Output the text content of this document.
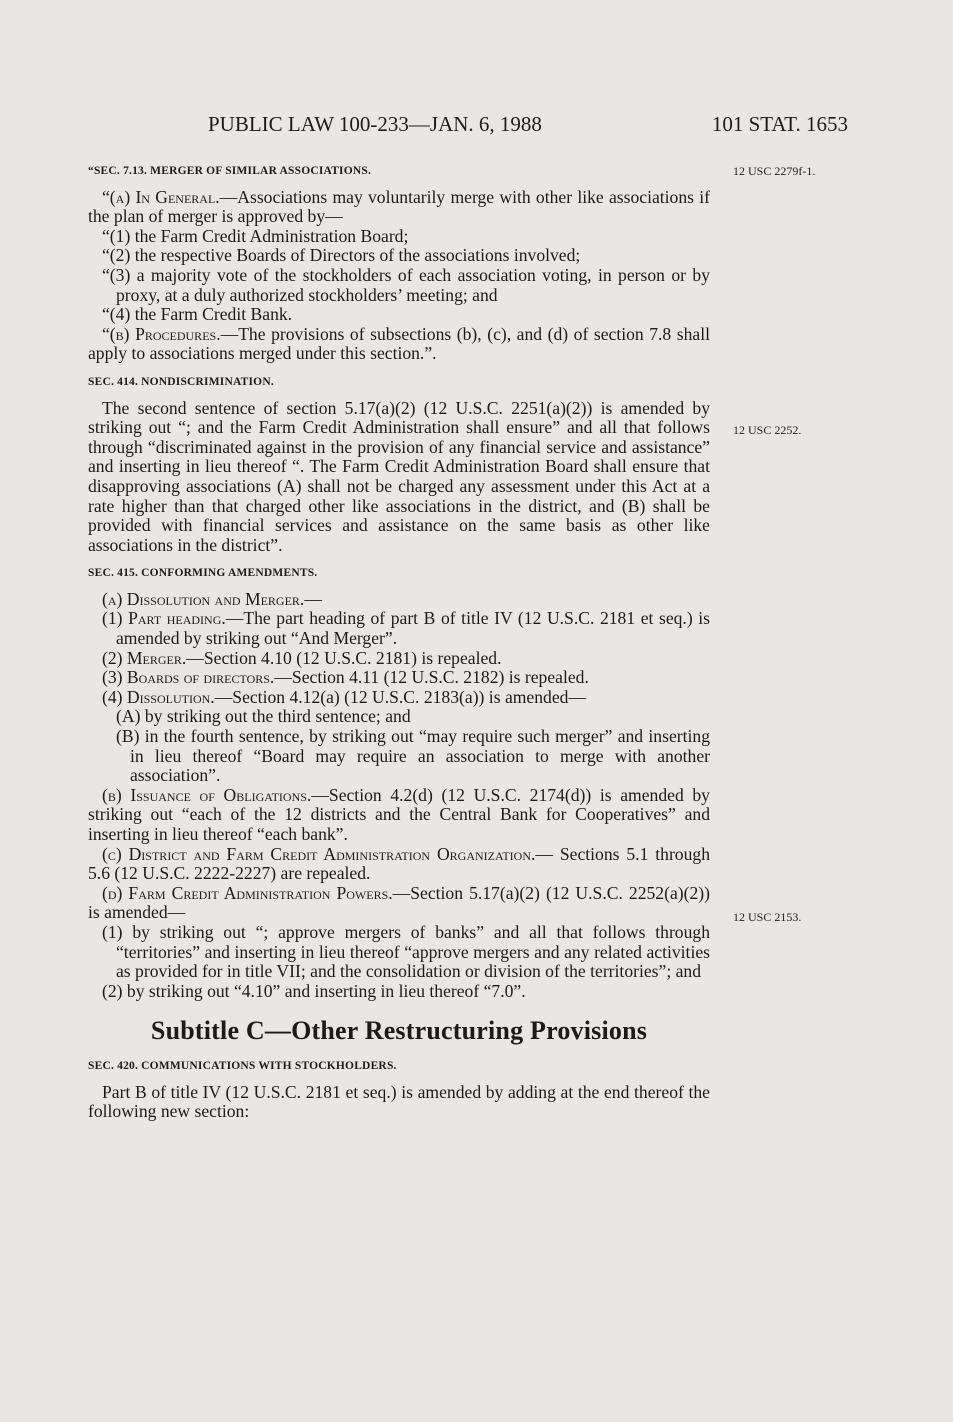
PUBLIC LAW 100-233—JAN. 6, 1988	101 STAT. 1653
12 USC 2279f-1.
12 USC 2252.
12 USC 2153.
“SEC. 7.13. MERGER OF SIMILAR ASSOCIATIONS.

“(a) In General.—Associations may voluntarily merge with other like associations if the plan of merger is approved by—

“(1) the Farm Credit Administration Board;

“(2) the respective Boards of Directors of the associations involved;

“(3) a majority vote of the stockholders of each association voting, in person or by proxy, at a duly authorized stockholders’ meeting; and

“(4) the Farm Credit Bank.

“(b) Procedures.—The provisions of subsections (b), (c), and (d) of section 7.8 shall apply to associations merged under this section.”.

SEC. 414. NONDISCRIMINATION.

The second sentence of section 5.17(a)(2) (12 U.S.C. 2251(a)(2)) is amended by striking out “; and the Farm Credit Administration shall ensure” and all that follows through “discriminated against in the provision of any financial service and assistance” and inserting in lieu thereof “. The Farm Credit Administration Board shall ensure that disapproving associations (A) shall not be charged any assessment under this Act at a rate higher than that charged other like associations in the district, and (B) shall be provided with financial services and assistance on the same basis as other like associations in the district”.

SEC. 415. CONFORMING AMENDMENTS.

(a) Dissolution and Merger.—

(1) Part heading.—The part heading of part B of title IV (12 U.S.C. 2181 et seq.) is amended by striking out “And Merger”.

(2) Merger.—Section 4.10 (12 U.S.C. 2181) is repealed.

(3) Boards of directors.—Section 4.11 (12 U.S.C. 2182) is repealed.

(4) Dissolution.—Section 4.12(a) (12 U.S.C. 2183(a)) is amended—

(A) by striking out the third sentence; and

(B) in the fourth sentence, by striking out “may require such merger” and inserting in lieu thereof “Board may require an association to merge with another association”.

(b) Issuance of Obligations.—Section 4.2(d) (12 U.S.C. 2174(d)) is amended by striking out “each of the 12 districts and the Central Bank for Cooperatives” and inserting in lieu thereof “each bank”.

(c) District and Farm Credit Administration Organization.— Sections 5.1 through 5.6 (12 U.S.C. 2222-2227) are repealed.

(d) Farm Credit Administration Powers.—Section 5.17(a)(2) (12 U.S.C. 2252(a)(2)) is amended—

(1) by striking out “; approve mergers of banks” and all that follows through “territories” and inserting in lieu thereof “approve mergers and any related activities as provided for in title VII; and the consolidation or division of the territories”; and

(2) by striking out “4.10” and inserting in lieu thereof “7.0”.

Subtitle C—Other Restructuring Provisions
SEC. 420. COMMUNICATIONS WITH STOCKHOLDERS.

Part B of title IV (12 U.S.C. 2181 et seq.) is amended by adding at the end thereof the following new section:
